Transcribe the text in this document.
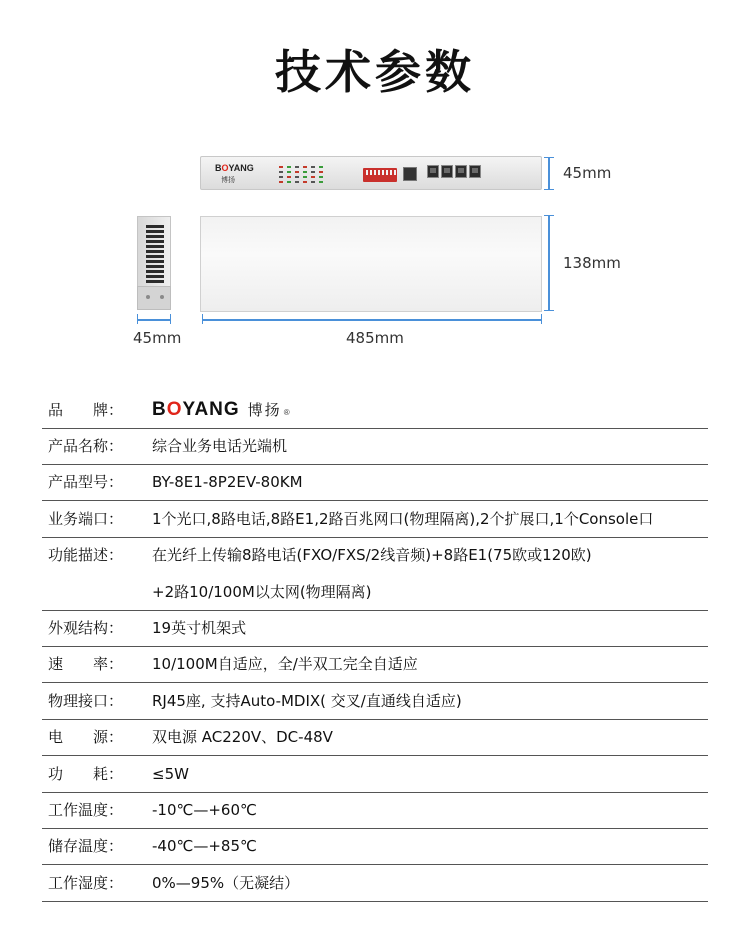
技术参数
BOYANG
博扬	45mm
138mm
45mm	485mm
品　　牌： BOYANG 博扬 ®
产品名称： 综合业务电话光端机
产品型号： BY-8E1-8P2EV-80KM
业务端口： 1个光口,8路电话,8路E1,2路百兆网口(物理隔离),2个扩展口,1个Console口
功能描述： 在光纤上传输8路电话(FXO/FXS/2线音频)+8路E1(75欧或120欧)
+2路10/100M以太网(物理隔离)
外观结构： 19英寸机架式
速　　率： 10/100M自适应，全/半双工完全自适应
物理接口： RJ45座, 支持Auto-MDIX( 交叉/直通线自适应)
电　　源： 双电源 AC220V、DC-48V
功　　耗： ≤5W
工作温度： -10℃—+60℃
储存温度： -40℃—+85℃
工作湿度： 0%—95%（无凝结）
